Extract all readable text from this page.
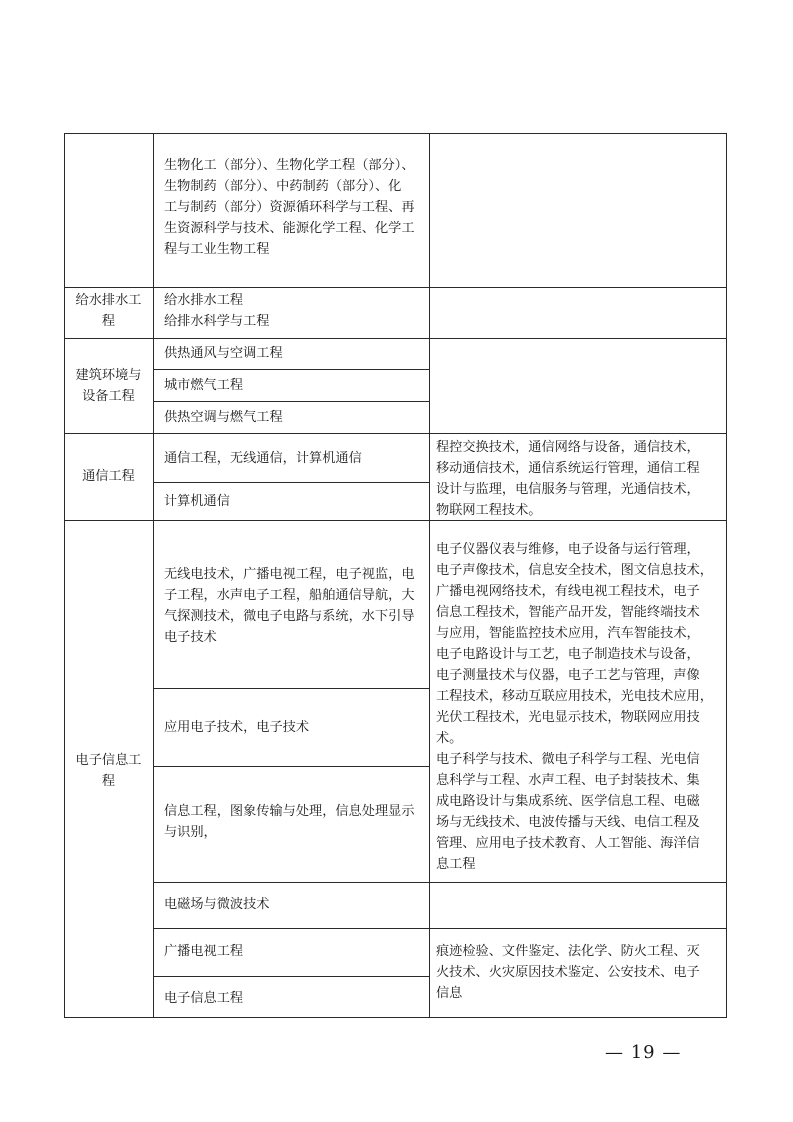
生物化工（部分）、生物化学工程（部分）、
生物制药（部分）、中药制药（部分）、化
工与制药（部分）资源循环科学与工程、再
生资源科学与技术、能源化学工程、化学工
程与工业生物工程
给水排水工
程
给水排水工程
给排水科学与工程
建筑环境与
设备工程
供热通风与空调工程
城市燃气工程
供热空调与燃气工程
通信工程
通信工程，无线通信，计算机通信
计算机通信
程控交换技术，通信网络与设备，通信技术，
移动通信技术，通信系统运行管理，通信工程
设计与监理，电信服务与管理，光通信技术，
物联网工程技术。
电子信息工
程
无线电技术，广播电视工程，电子视监，电
子工程，水声电子工程，船舶通信导航，大
气探测技术，微电子电路与系统，水下引导
电子技术
应用电子技术，电子技术
信息工程，图象传输与处理，信息处理显示
与识别，
电磁场与微波技术
广播电视工程
电子信息工程
电子仪器仪表与维修，电子设备与运行管理，
电子声像技术，信息安全技术，图文信息技术，
广播电视网络技术，有线电视工程技术，电子
信息工程技术，智能产品开发，智能终端技术
与应用，智能监控技术应用，汽车智能技术，
电子电路设计与工艺，电子制造技术与设备，
电子测量技术与仪器，电子工艺与管理，声像
工程技术，移动互联应用技术，光电技术应用，
光伏工程技术，光电显示技术，物联网应用技
术。
电子科学与技术、微电子科学与工程、光电信
息科学与工程、水声工程、电子封装技术、集
成电路设计与集成系统、医学信息工程、电磁
场与无线技术、电波传播与天线、电信工程及
管理、应用电子技术教育、人工智能、海洋信
息工程
痕迹检验、文件鉴定、法化学、防火工程、灭
火技术、火灾原因技术鉴定、公安技术、电子
信息
— 19 —
